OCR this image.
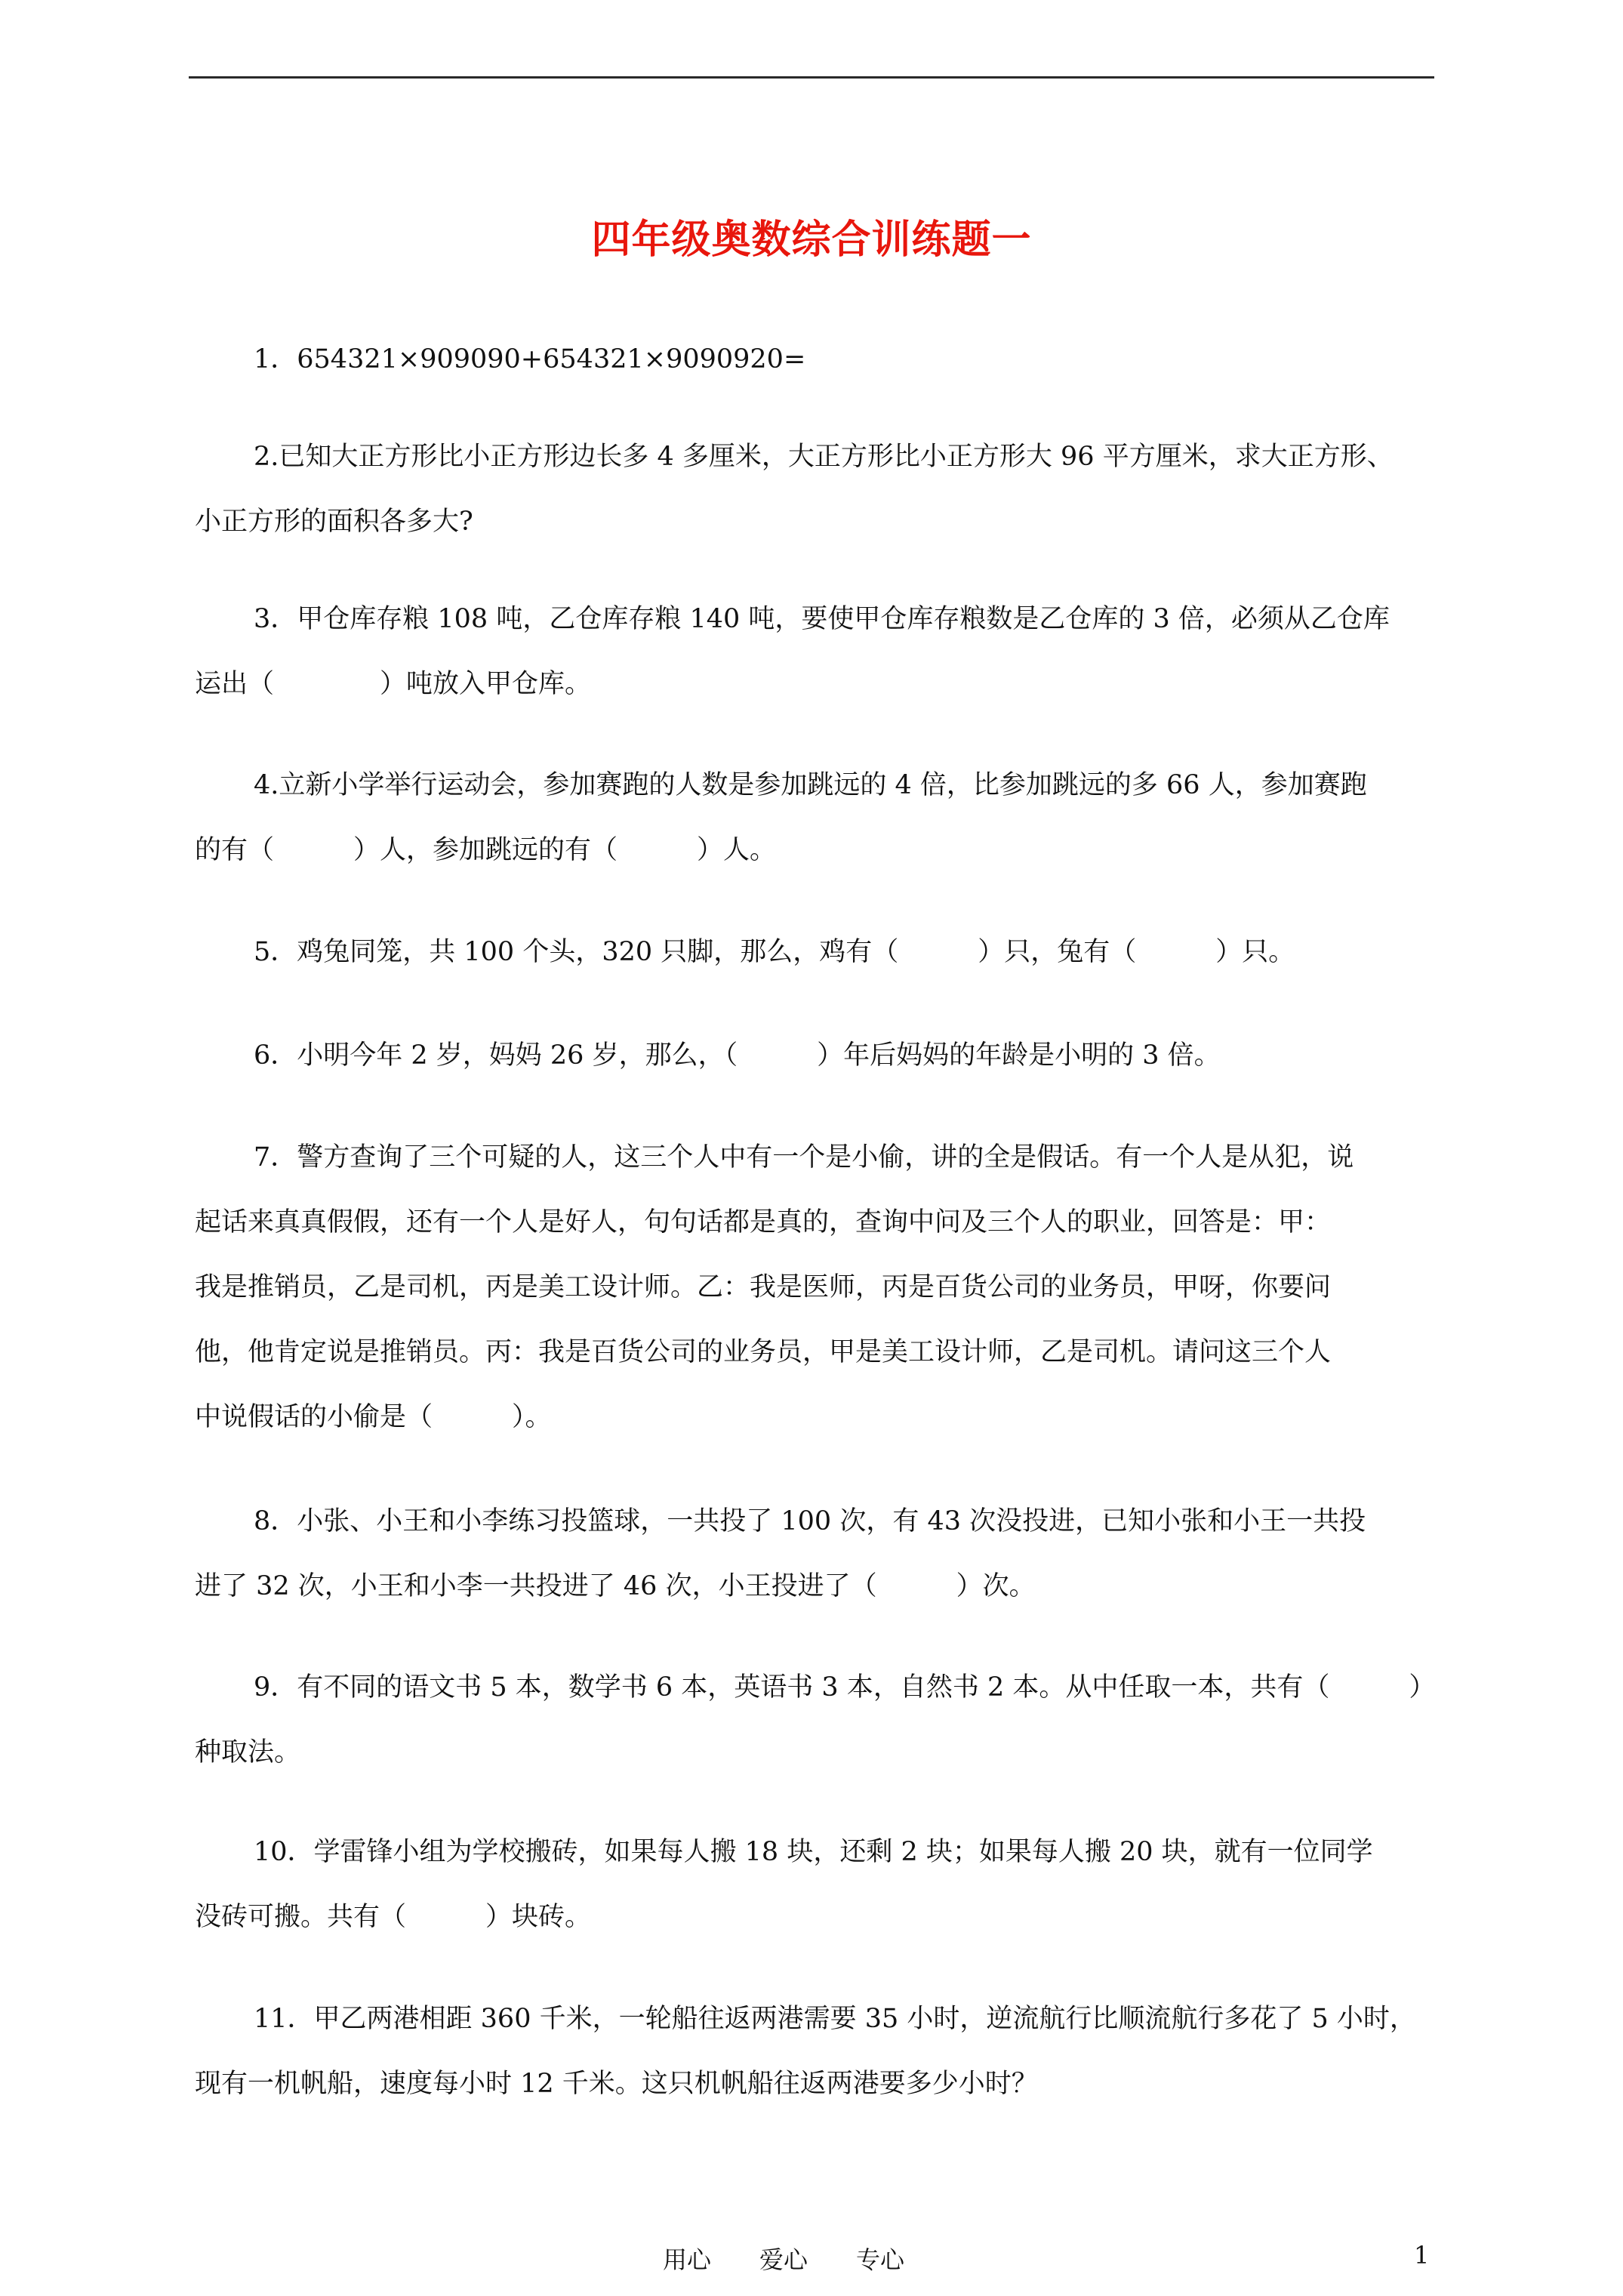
四年级奥数综合训练题一
1．654321×909090+654321×9090920=
2.已知大正方形比小正方形边长多 4 多厘米，大正方形比小正方形大 96 平方厘米，求大正方形、
小正方形的面积各多大?
3．甲仓库存粮 108 吨，乙仓库存粮 140 吨，要使甲仓库存粮数是乙仓库的 3 倍，必须从乙仓库
运出（　　　　）吨放入甲仓库。
4.立新小学举行运动会，参加赛跑的人数是参加跳远的 4 倍，比参加跳远的多 66 人，参加赛跑
的有（　　　）人，参加跳远的有（　　　）人。
5．鸡兔同笼，共 100 个头，320 只脚，那么，鸡有（　　　）只，兔有（　　　）只。
6．小明今年 2 岁，妈妈 26 岁，那么，（　　　）年后妈妈的年龄是小明的 3 倍。
7．警方查询了三个可疑的人，这三个人中有一个是小偷，讲的全是假话。有一个人是从犯，说
起话来真真假假，还有一个人是好人，句句话都是真的，查询中问及三个人的职业，回答是：甲：
我是推销员，乙是司机，丙是美工设计师。乙：我是医师，丙是百货公司的业务员，甲呀，你要问
他，他肯定说是推销员。丙：我是百货公司的业务员，甲是美工设计师，乙是司机。请问这三个人
中说假话的小偷是（　　　）。
8．小张、小王和小李练习投篮球，一共投了 100 次，有 43 次没投进，已知小张和小王一共投
进了 32 次，小王和小李一共投进了 46 次，小王投进了（　　　）次。
9．有不同的语文书 5 本，数学书 6 本，英语书 3 本，自然书 2 本。从中任取一本，共有（　　　）
种取法。
10．学雷锋小组为学校搬砖，如果每人搬 18 块，还剩 2 块；如果每人搬 20 块，就有一位同学
没砖可搬。共有（　　　）块砖。
11．甲乙两港相距 360 千米，一轮船往返两港需要 35 小时，逆流航行比顺流航行多花了 5 小时，
现有一机帆船，速度每小时 12 千米。这只机帆船往返两港要多少小时？
用心　　爱心　　专心	1
